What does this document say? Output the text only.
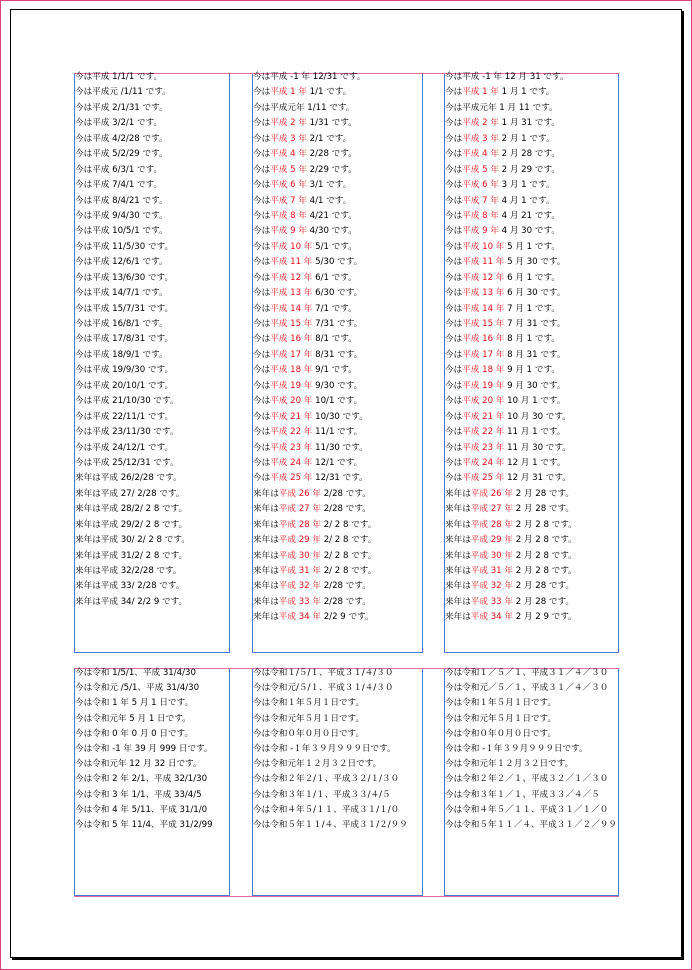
今は平成 1/1/1 です。
今は平成元 /1/11 です。
今は平成 2/1/31 です。
今は平成 3/2/1 です。
今は平成 4/2/28 です。
今は平成 5/2/29 です。
今は平成 6/3/1 です。
今は平成 7/4/1 です。
今は平成 8/4/21 です。
今は平成 9/4/30 です。
今は平成 10/5/1 です。
今は平成 11/5/30 です。
今は平成 12/6/1 です。
今は平成 13/6/30 です。
今は平成 14/7/1 です。
今は平成 15/7/31 です。
今は平成 16/8/1 です。
今は平成 17/8/31 です。
今は平成 18/9/1 です。
今は平成 19/9/30 です。
今は平成 20/10/1 です。
今は平成 21/10/30 です。
今は平成 22/11/1 です。
今は平成 23/11/30 です。
今は平成 24/12/1 です。
今は平成 25/12/31 です。
来年は平成 26/2/28 です。
来年は平成 27/ 2/28 です。
来年は平成 28/2/ 2 8 です。
来年は平成 29/2/ 2 8 です。
来年は平成 30/ 2/ 2 8 です。
来年は平成 31/2/ 2 8 です。
来年は平成 32/2/28 です。
来年は平成 33/ 2/28 です。
来年は平成 34/ 2/2 9 です。
今は平成 -1 年 12/31 です。
今は平成 1 年 1/1 です。
今は平成元年 1/11 です。
今は平成 2 年 1/31 です。
今は平成 3 年 2/1 です。
今は平成 4 年 2/28 です。
今は平成 5 年 2/29 です。
今は平成 6 年 3/1 です。
今は平成 7 年 4/1 です。
今は平成 8 年 4/21 です。
今は平成 9 年 4/30 です。
今は平成 10 年 5/1 です。
今は平成 11 年 5/30 です。
今は平成 12 年 6/1 です。
今は平成 13 年 6/30 です。
今は平成 14 年 7/1 です。
今は平成 15 年 7/31 です。
今は平成 16 年 8/1 です。
今は平成 17 年 8/31 です。
今は平成 18 年 9/1 です。
今は平成 19 年 9/30 です。
今は平成 20 年 10/1 です。
今は平成 21 年 10/30 です。
今は平成 22 年 11/1 です。
今は平成 23 年 11/30 です。
今は平成 24 年 12/1 です。
今は平成 25 年 12/31 です。
来年は平成 26 年 2/28 です。
来年は平成 27 年 2/28 です。
来年は平成 28 年 2/ 2 8 です。
来年は平成 29 年 2/ 2 8 です。
来年は平成 30 年 2/ 2 8 です。
来年は平成 31 年 2/ 2 8 です。
来年は平成 32 年 2/28 です。
来年は平成 33 年 2/28 です。
来年は平成 34 年 2/2 9 です。
今は平成 -1 年 12 月 31 です。
今は平成 1 年 1 月 1 です。
今は平成元年 1 月 11 です。
今は平成 2 年 1 月 31 です。
今は平成 3 年 2 月 1 です。
今は平成 4 年 2 月 28 です。
今は平成 5 年 2 月 29 です。
今は平成 6 年 3 月 1 です。
今は平成 7 年 4 月 1 です。
今は平成 8 年 4 月 21 です。
今は平成 9 年 4 月 30 です。
今は平成 10 年 5 月 1 です。
今は平成 11 年 5 月 30 です。
今は平成 12 年 6 月 1 です。
今は平成 13 年 6 月 30 です。
今は平成 14 年 7 月 1 です。
今は平成 15 年 7 月 31 です。
今は平成 16 年 8 月 1 です。
今は平成 17 年 8 月 31 です。
今は平成 18 年 9 月 1 です。
今は平成 19 年 9 月 30 です。
今は平成 20 年 10 月 1 です。
今は平成 21 年 10 月 30 です。
今は平成 22 年 11 月 1 です。
今は平成 23 年 11 月 30 です。
今は平成 24 年 12 月 1 です。
今は平成 25 年 12 月 31 です。
来年は平成 26 年 2 月 28 です。
来年は平成 27 年 2 月 28 です。
来年は平成 28 年 2 月 2 8 です。
来年は平成 29 年 2 月 2 8 です。
来年は平成 30 年 2 月 2 8 です。
来年は平成 31 年 2 月 2 8 です。
来年は平成 32 年 2 月 28 です。
来年は平成 33 年 2 月 28 です。
来年は平成 34 年 2 月 2 9 です。
今は令和 1/5/1、平成 31/4/30
今は令和元 /5/1、平成 31/4/30
今は令和 1 年 5 月 1 日です。
今は令和元年 5 月 1 日です。
今は令和 0 年 0 月 0 日です。
今は令和 -1 年 39 月 999 日です。
今は令和元年 12 月 32 日です。
今は令和 2 年 2/1、平成 32/1/30
今は令和 3 年 1/1、平成 33/4/5
今は令和 4 年 5/11、平成 31/1/0
今は令和 5 年 11/4、平成 31/2/99
今は令和１/５/１、平成３１/４/３０
今は令和元/５/１、平成３１/４/３０
今は令和１年５月１日です。
今は令和元年５月１日です。
今は令和０年０月０日です。
今は令和 -１年３９月９９９日です。
今は令和元年１２月３２日です。
今は令和２年２/１、平成３２/１/３０
今は令和３年１/１、平成３３/４/５
今は令和４年５/１１、平成３１/１/０
今は令和５年１１/４、平成３１/２/９９
今は令和１／５／１、平成３１／４／３０
今は令和元／５／１、平成３１／４／３０
今は令和１年５月１日です。
今は令和元年５月１日です。
今は令和０年０月０日です。
今は令和 -１年３９月９９９日です。
今は令和元年１２月３２日です。
今は令和２年２／１、平成３２／１／３０
今は令和３年１／１、平成３３／４／５
今は令和４年５／１１、平成３１／１／０
今は令和５年１１／４、平成３１／２／９９
